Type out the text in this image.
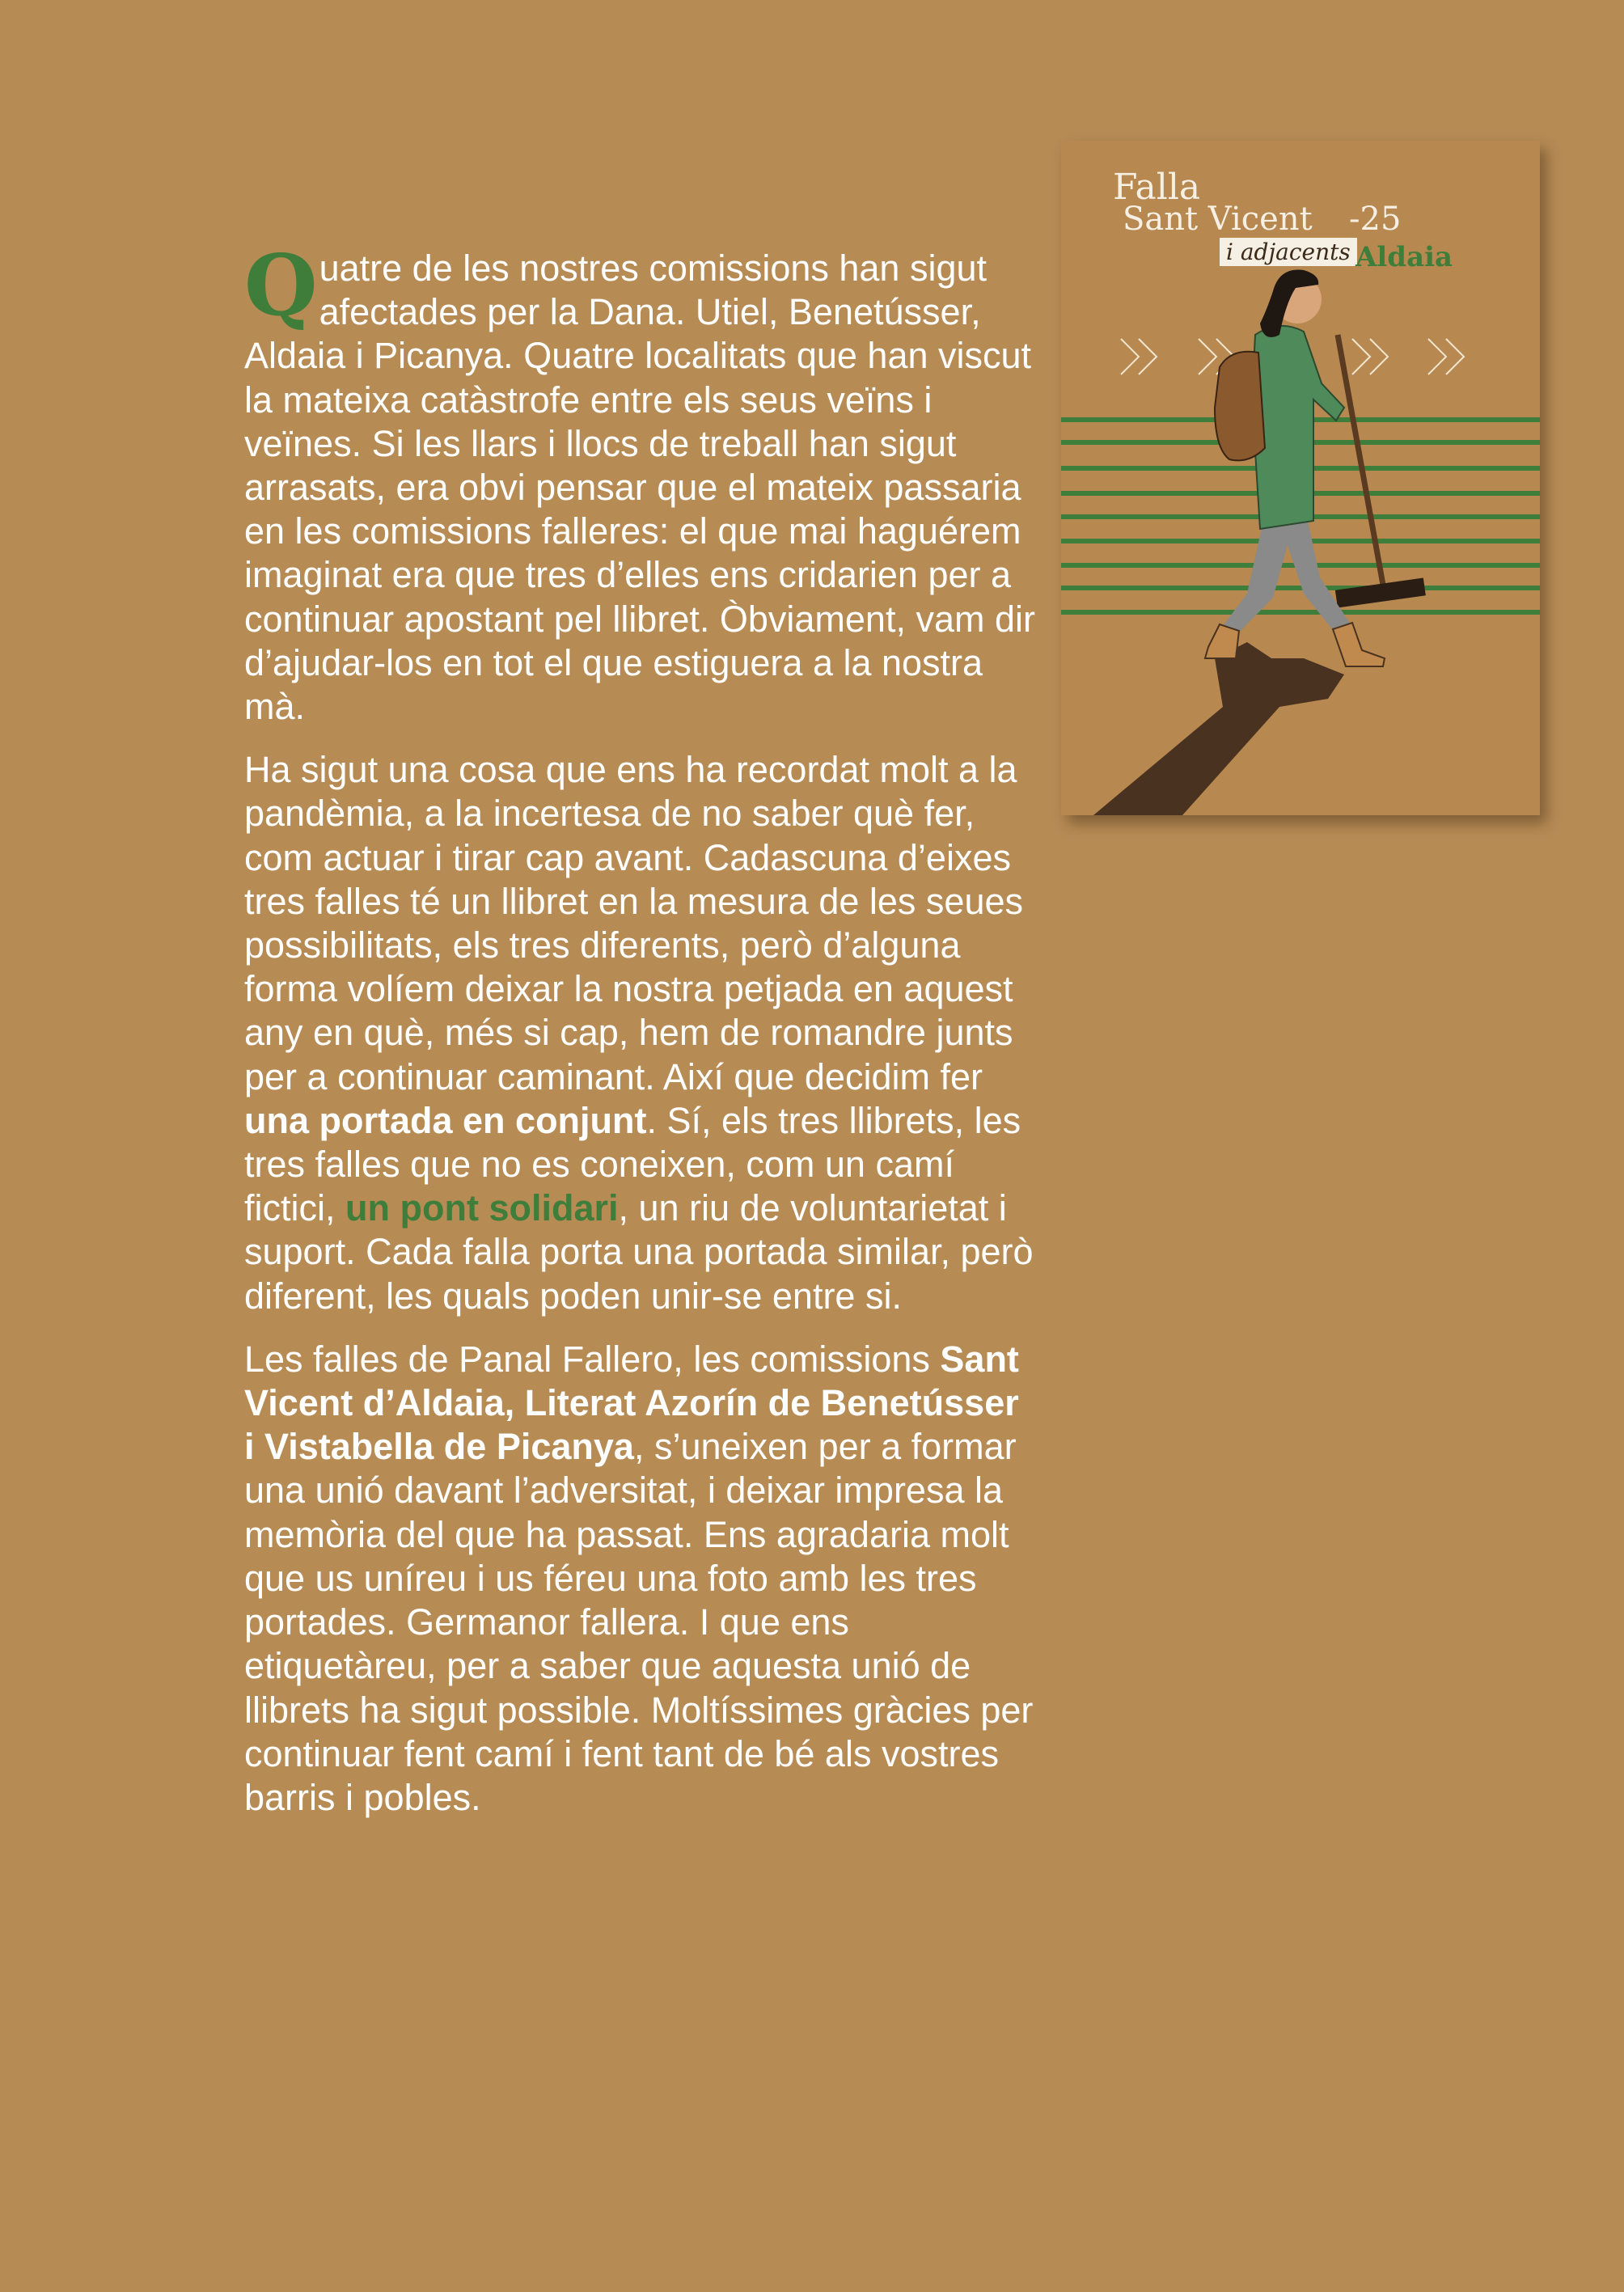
Quatre de les nostres comissions han sigut afectades per la Dana. Utiel, Benetússer, Aldaia i Picanya. Quatre localitats que han viscut la mateixa catàstrofe entre els seus veïns i veïnes. Si les llars i llocs de treball han sigut arrasats, era obvi pensar que el mateix passaria en les comissions falleres: el que mai haguérem imaginat era que tres d’elles ens cridarien per a continuar apostant pel llibret. Òbviament, vam dir d’ajudar-los en tot el que estiguera a la nostra mà.

Ha sigut una cosa que ens ha recordat molt a la pandèmia, a la incertesa de no saber què fer, com actuar i tirar cap avant. Cadascuna d’eixes tres falles té un llibret en la mesura de les seues possibilitats, els tres diferents, però d’alguna forma volíem deixar la nostra petjada en aquest any en què, més si cap, hem de romandre junts per a continuar caminant. Així que decidim fer una portada en conjunt. Sí, els tres llibrets, les tres falles que no es coneixen, com un camí fictici, un pont solidari, un riu de voluntarietat i suport. Cada falla porta una portada similar, però diferent, les quals poden unir-se entre si.

Les falles de Panal Fallero, les comissions Sant Vicent d’Aldaia, Literat Azorín de Benetússer i Vistabella de Picanya, s’uneixen per a formar una unió davant l’adversitat, i deixar impresa la memòria del que ha passat. Ens agradaria molt que us uníreu i us féreu una foto amb les tres portades. Germanor fallera. I que ens etiquetàreu, per a saber que aquesta unió de llibrets ha sigut possible. Moltíssimes gràcies per continuar fent camí i fent tant de bé als vostres barris i pobles.

Falla
Sant Vicent -25
i adjacents Aldaia
